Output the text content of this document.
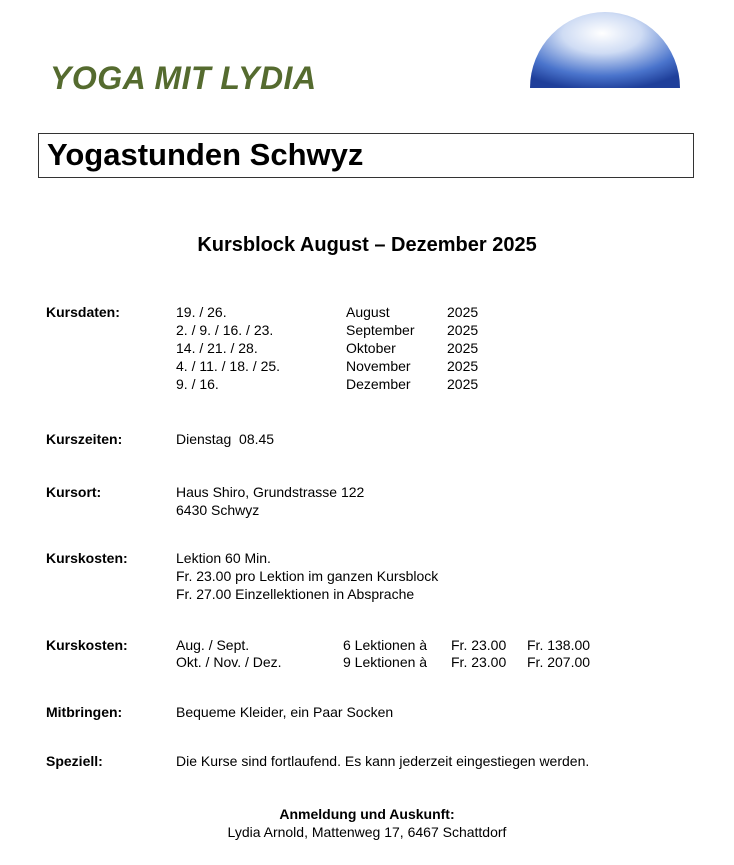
YOGA MIT LYDIA
Yogastunden Schwyz
Kursblock August – Dezember 2025
Kursdaten:	19. / 26.	August	2025
2. / 9. / 16. / 23.	September 2025
14. / 21. / 28.	Oktober	2025
4. / 11. / 18. / 25.	November	2025
9. / 16.	Dezember	2025
Kurszeiten:	Dienstag  08.45
Kursort:	Haus Shiro, Grundstrasse 122
6430 Schwyz
Kurskosten:	Lektion 60 Min.
Fr. 23.00 pro Lektion im ganzen Kursblock
Fr. 27.00 Einzellektionen in Absprache
Kurskosten:	Aug. / Sept.	6 Lektionen à Fr. 23.00 Fr. 138.00
Okt. / Nov. / Dez.	9 Lektionen à Fr. 23.00 Fr. 207.00
Mitbringen:	Bequeme Kleider, ein Paar Socken
Speziell:	Die Kurse sind fortlaufend. Es kann jederzeit eingestiegen werden.
Anmeldung und Auskunft:
Lydia Arnold, Mattenweg 17, 6467 Schattdorf
